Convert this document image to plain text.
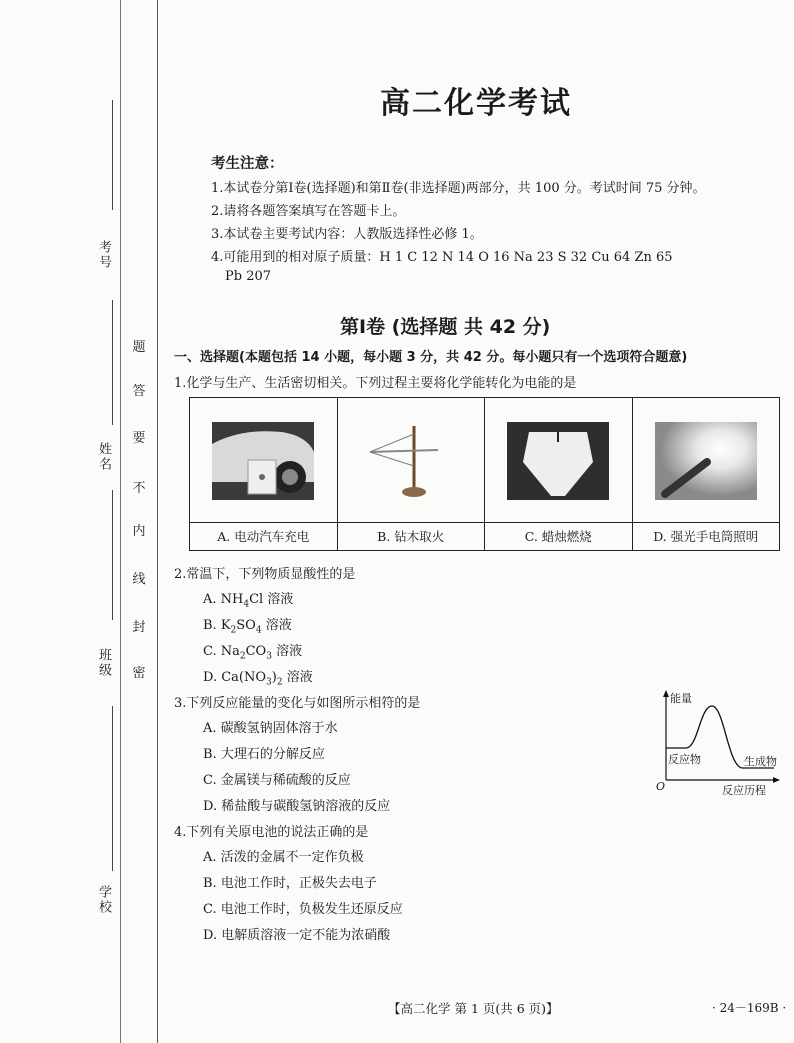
考号
姓名
班级
学校
题
答
要
不
内
线
封
密
高二化学考试
考生注意：
1.本试卷分第Ⅰ卷(选择题)和第Ⅱ卷(非选择题)两部分，共 100 分。考试时间 75 分钟。
2.请将各题答案填写在答题卡上。
3.本试卷主要考试内容：人教版选择性必修 1。
4.可能用到的相对原子质量：H 1 C 12 N 14 O 16 Na 23 S 32 Cu 64 Zn 65
Pb 207
第Ⅰ卷 (选择题 共 42 分)
一、选择题(本题包括 14 小题，每小题 3 分，共 42 分。每小题只有一个选项符合题意)
1.化学与生产、生活密切相关。下列过程主要将化学能转化为电能的是
A. 电动汽车充电	B. 钻木取火	C. 蜡烛燃烧	D. 强光手电筒照明
2.常温下，下列物质显酸性的是
A. $NH_4Cl$ 溶液
B. $K_2SO_4$ 溶液
C. $Na_2CO_3$ 溶液
D. $Ca(NO_3)_2$ 溶液
3.下列反应能量的变化与如图所示相符的是
A. 碳酸氢钠固体溶于水
B. 大理石的分解反应
C. 金属镁与稀硫酸的反应
D. 稀盐酸与碳酸氢钠溶液的反应
能量
反应物	生成物
O	反应历程
4.下列有关原电池的说法正确的是
A. 活泼的金属不一定作负极
B. 电池工作时，正极失去电子
C. 电池工作时，负极发生还原反应
D. 电解质溶液一定不能为浓硝酸
【高二化学 第 1 页(共 6 页)】	· 24－169B ·
